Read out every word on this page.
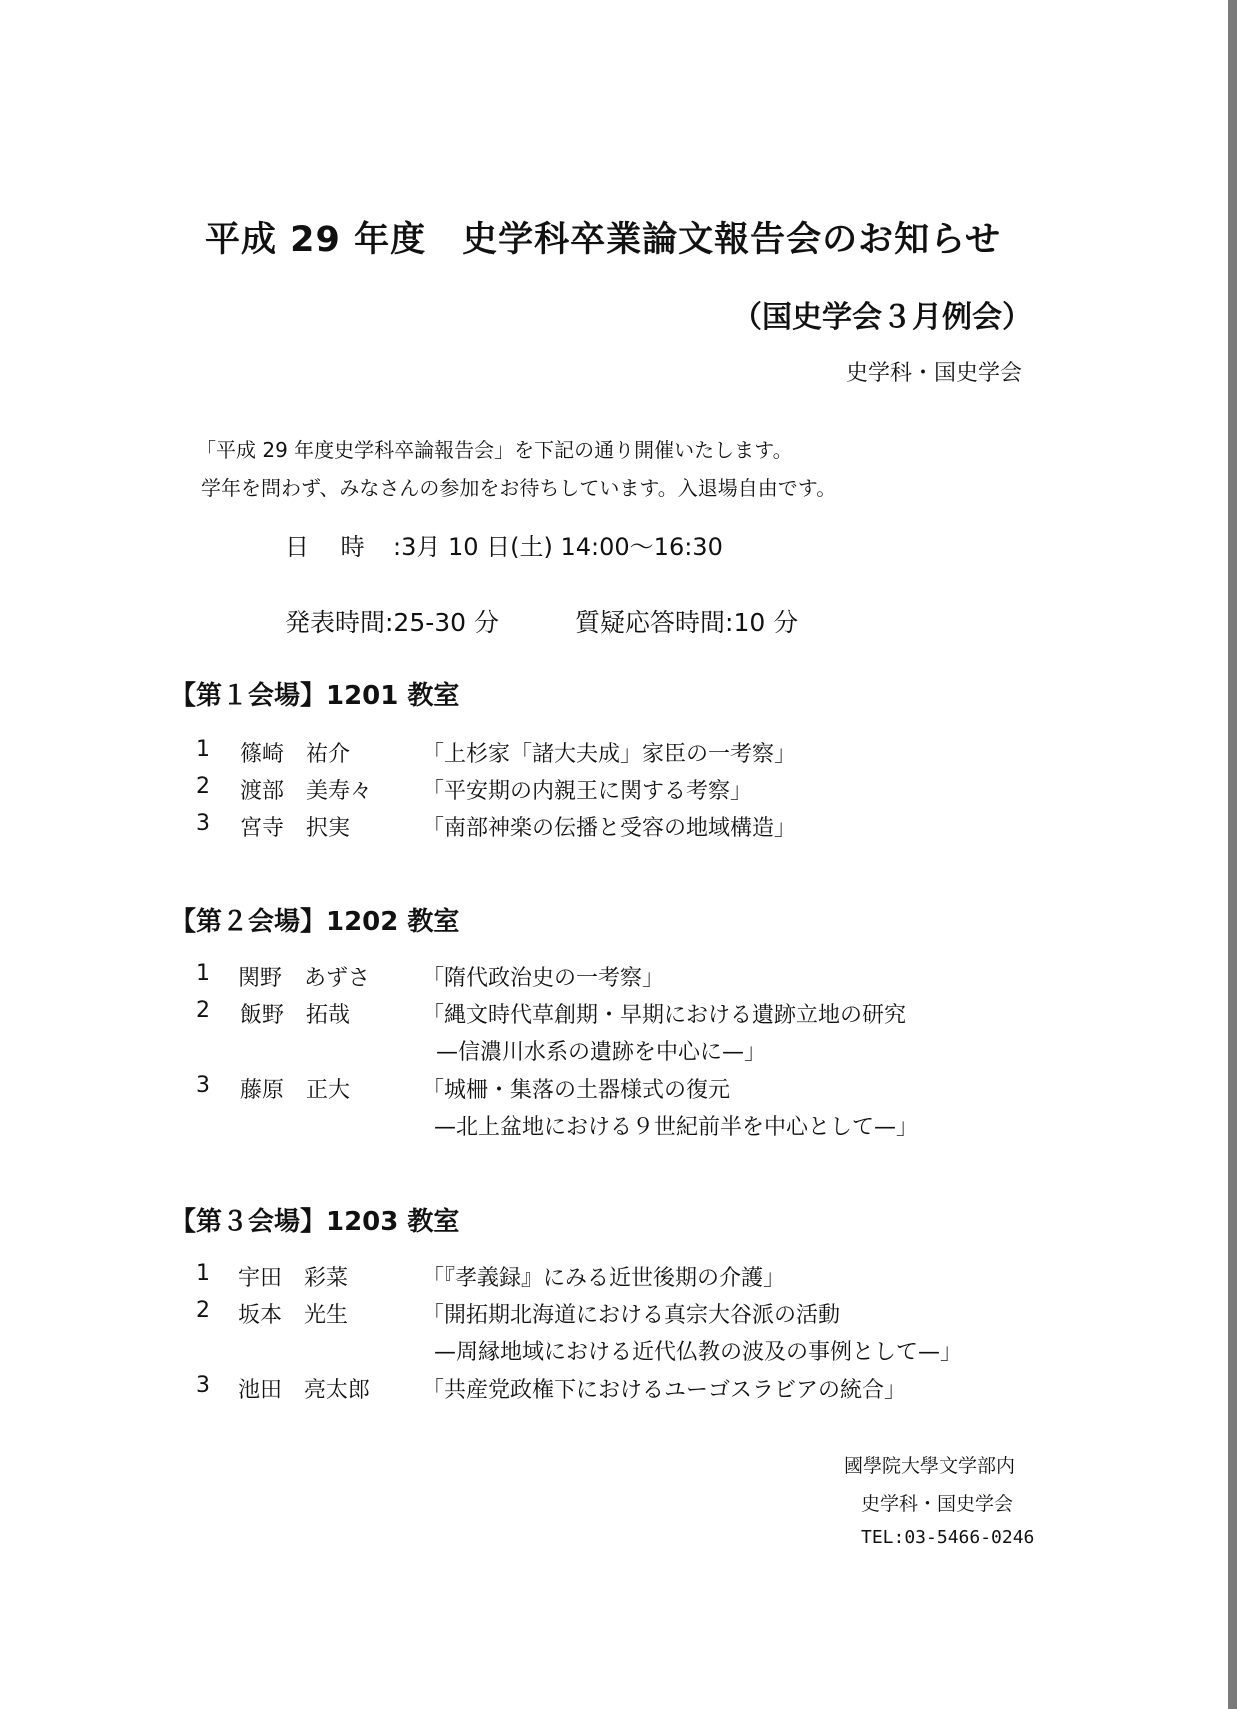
平成 29 年度　史学科卒業論文報告会のお知らせ
（国史学会３月例会）
史学科・国史学会
「平成 29 年度史学科卒論報告会」を下記の通り開催いたします。
学年を問わず、みなさんの参加をお待ちしています。入退場自由です。
日　 時 :3月 10 日(土) 14:00～16:30
発表時間:25-30 分	質疑応答時間:10 分
【第１会場】1201 教室
1 篠崎　祐介	「上杉家「諸大夫成」家臣の一考察」
2 渡部　美寿々 「平安期の内親王に関する考察」
3 宮寺　択実	「南部神楽の伝播と受容の地域構造」
【第２会場】1202 教室
1 関野　あずさ 「隋代政治史の一考察」
2 飯野　拓哉	「縄文時代草創期・早期における遺跡立地の研究
—信濃川水系の遺跡を中心に—」
3 藤原　正大	「城柵・集落の土器様式の復元
—北上盆地における９世紀前半を中心として—」
【第３会場】1203 教室
1 宇田　彩菜	「『孝義録』にみる近世後期の介護」
2 坂本　光生	「開拓期北海道における真宗大谷派の活動
—周縁地域における近代仏教の波及の事例として—」
3 池田　亮太郎 「共産党政権下におけるユーゴスラビアの統合」
國學院大學文学部内
史学科・国史学会
TEL:03-5466-0246
